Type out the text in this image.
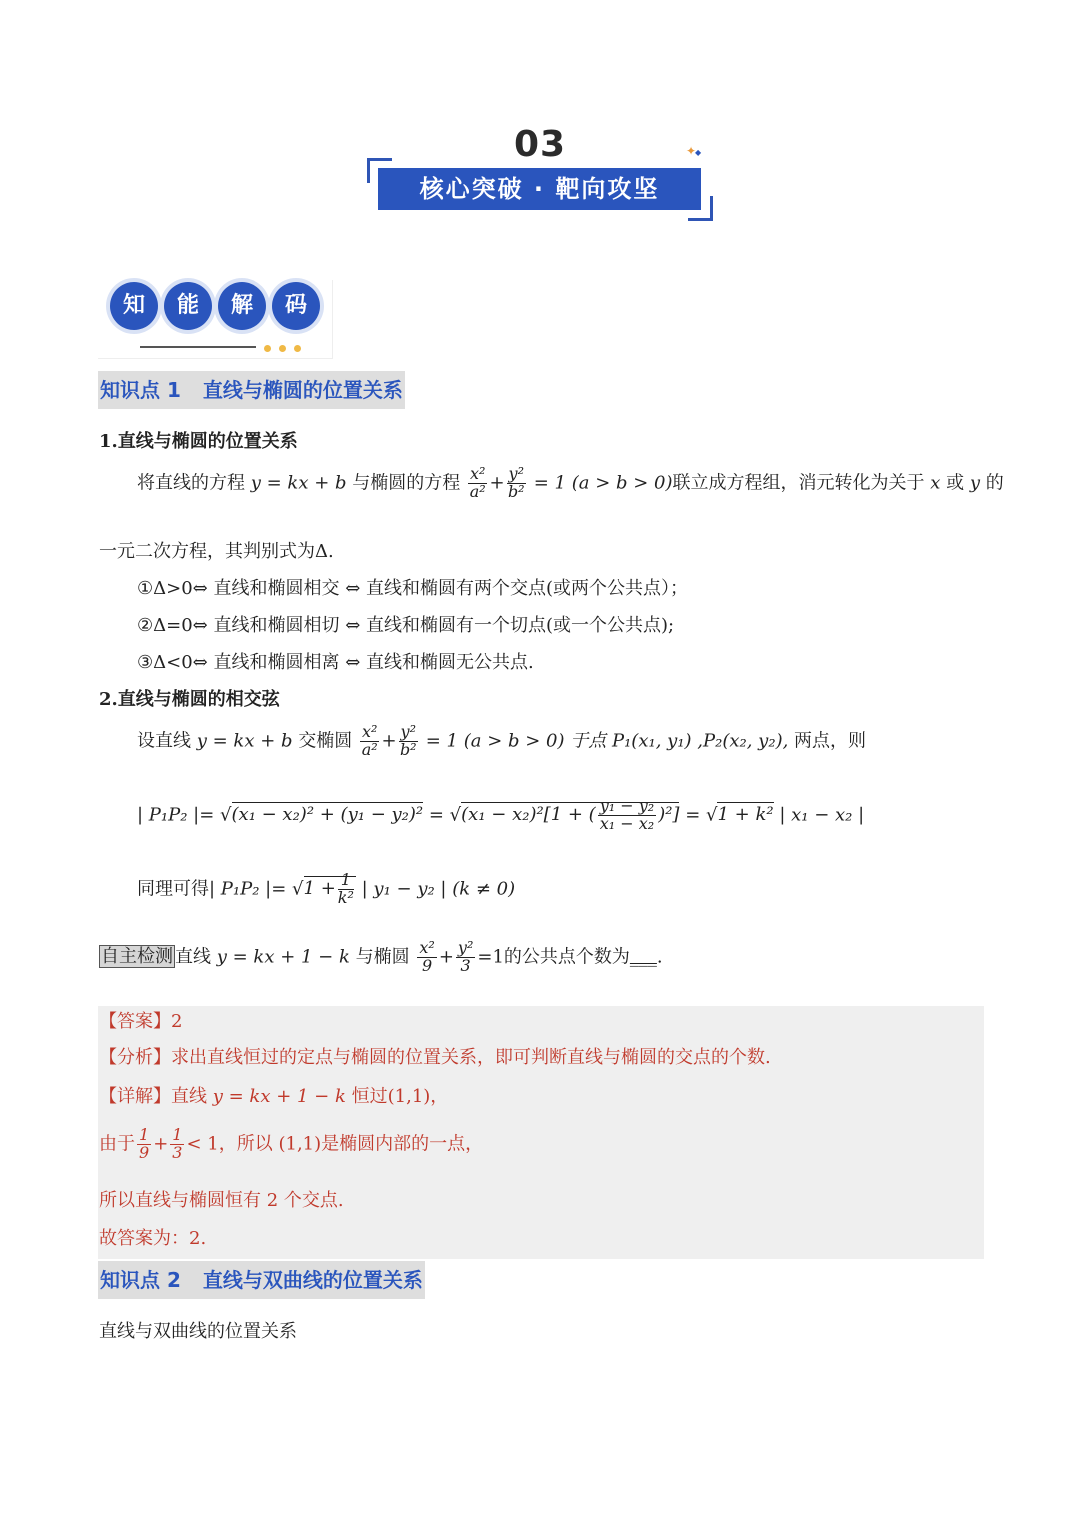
03	✦
◆
核心突破 · 靶向攻坚
知	能	解	码
知识点 1 直线与椭圆的位置关系
1.直线与椭圆的位置关系
将直线的方程 y = kx + b 与椭圆的方程 $\frac{\text{x²}}{\text{a²}} + \frac{\text{y²}}{\text{b²}} = 1$ (a > b > 0)联立成方程组，消元转化为关于 x 或 y 的
一元二次方程，其判别式为Δ.
①Δ>0⇔ 直线和椭圆相交 ⇔ 直线和椭圆有两个交点(或两个公共点）；
②Δ=0⇔ 直线和椭圆相切 ⇔ 直线和椭圆有一个切点(或一个公共点);
③Δ<0⇔ 直线和椭圆相离 ⇔ 直线和椭圆无公共点.
2.直线与椭圆的相交弦
设直线 y = kx + b 交椭圆 $\frac{\text{x²}}{\text{a²}} + \frac{\text{y²}}{\text{b²}} = 1$ (a > b > 0) 于点 P₁(x₁, y₁) ,P₂(x₂, y₂), 两点，则
| P₁P₂ |= √(x₁ − x₂)² + (y₁ − y₂)² = √(x₁ − x₂)²[1 + ( $\frac{\text{y₁ − y₂}}{\text{x₁ − x₂}} )^2] = √1 + k^2$ | x₁ − x₂ |
同理可得| P₁P₂ |= $√1 + \frac{1}{\text{k²}}$ | y₁ − y₂ | (k ≠ 0)
自主检测 直线 y = kx + 1 − k 与椭圆 $\frac{\text{x²}}{9} + \frac{\text{y²}}{3} =1$的公共点个数为___.
【答案】2
【分析】求出直线恒过的定点与椭圆的位置关系，即可判断直线与椭圆的交点的个数.
【详解】直线 y = kx + 1 − k 恒过(1,1)，
由于 $\frac{1}{9} + \frac{1}{3} < 1$，所以 (1,1)是椭圆内部的一点，
所以直线与椭圆恒有 2 个交点.
故答案为：2.
知识点 2 直线与双曲线的位置关系
直线与双曲线的位置关系
